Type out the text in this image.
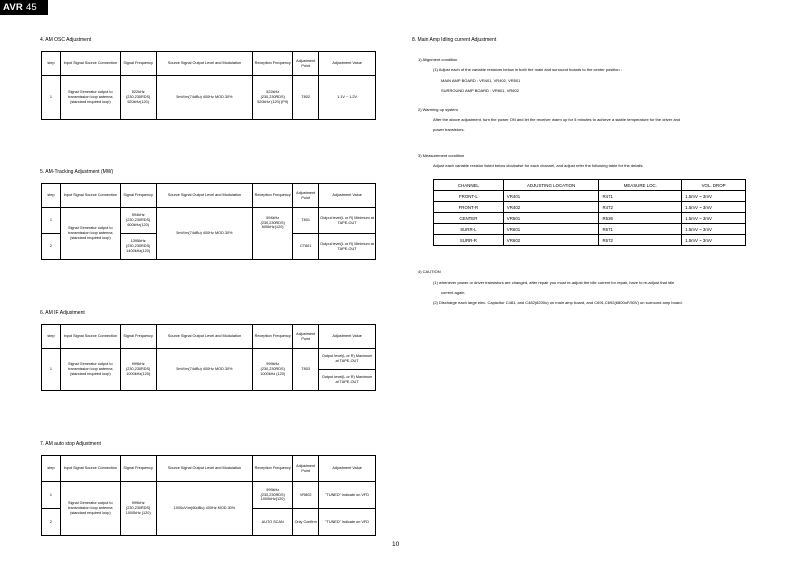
AVR 45
4. AM OSC Adjustment
step	Input Signal Source Connection	Signal Frequency	Source Signal Output Level and Modulation	Reception Frequency	Adjustment Point	Adjustment Value
1	Signal Generator output to transmission loop antenna (standard required loop)	522kHz (230,230RDS) 520kHz(120)	5mV/m(74dBu) 400Hz MOD.30%	522kHz (230,230RDS) 520kHz (120) (P9)	T802	1.1V ~ 1.2V
5. AM-Tracking Adjustment (MW)
step	Input Signal Source Connection	Signal Frequency	Source Signal Output Level and Modulation	Reception Frequency	Adjustment Point	Adjustment Value
1	Signal Generator output to transmission loop antenna (standard required loop)	594kHz (230,230RDS) 600kHz(120)	5mV/m(74dBu) 400Hz MOD.30%	594kHz (230,230RDS) 600kHz(120)	T801	Output level(L or R) Minimum at TAPE-OUT
2		1395kHz (230,230RDS) 1400kHz(120)			CT801	Output level(L or R) Minimum at TAPE-OUT
6. AM IF Adjustment
step	Input Signal Source Connection	Signal Frequency	Source Signal Output Level and Modulation	Reception Frequency	Adjustment Point	Adjustment Value
1	Signal Generator output to transmission loop antenna (standard required loop)	999kHz (230,230RDS) 1000kHz(120)	5mV/m(74dBu) 400Hz MOD.30%	999kHz (230,230RDS) 1000kHz (120)	T803	Output level(L or R) Maximum at TAPE-OUT
						Output level(L or R) Maximum at TAPE-OUT
7. AM auto stop Adjustment
step	Input Signal Source Connection	Signal Frequency	Source Signal Output Level and Modulation	Reception Frequency	Adjustment Point	Adjustment Value
1	Signal Generator output to transmission loop antenna (standard required loop)	999kHz (230,230RDS) 1000kHz (120)	1000uV/m(60dBu) 400Hz MOD.30%	999kHz (230,230RDS) 1000kHz(120)	VR802	"TUNED" indicate on VFD
2				AUTO SCAN	Only Confirm	"TUNED" indicate on VFD
8. Main Amp Idling current Adjustment
1) Alignment condition
(1) Adjust each of the variable resistors below in both the main and surround boards to the center position :
MAIN AMP BOARD : VR401, VR402, VR501
SURROUND AMP BOARD : VR601, VR602
2) Warming up system
After the above adjustment, turn the power ON and let the receiver warm up for 5 minutes to achieve a stable temperature for the driver and
power transistors.
3) Measurement condition
Adjust each variable resistor listed below clockwise for each channel, and adjust refer the following table for the details.
CHANNEL	ADJUSTING LOCATION	MEASURE LOC.	VOL. DROP
FRONT-L	VR401	R471	1.5mV ~ 3mV
FRONT-R	VR402	R472	1.5mV ~ 3mV
CENTER	VR501	R536	1.5mV ~ 3mV
SURR-L	VR601	R671	1.5mV ~ 3mV
SURR-R	VR602	R672	1.5mV ~ 3mV
4) CAUTION
(1) whenever power or driver transistors are changed, after repair you must re-adjust the idle current for repair, have to re-adjust that idle
current again.
(2) Discharge each large elec. Capacitor C481, and C482(8200u) on main amp board, and C691,C692(6800uF/50V) on surround amp board.
10
